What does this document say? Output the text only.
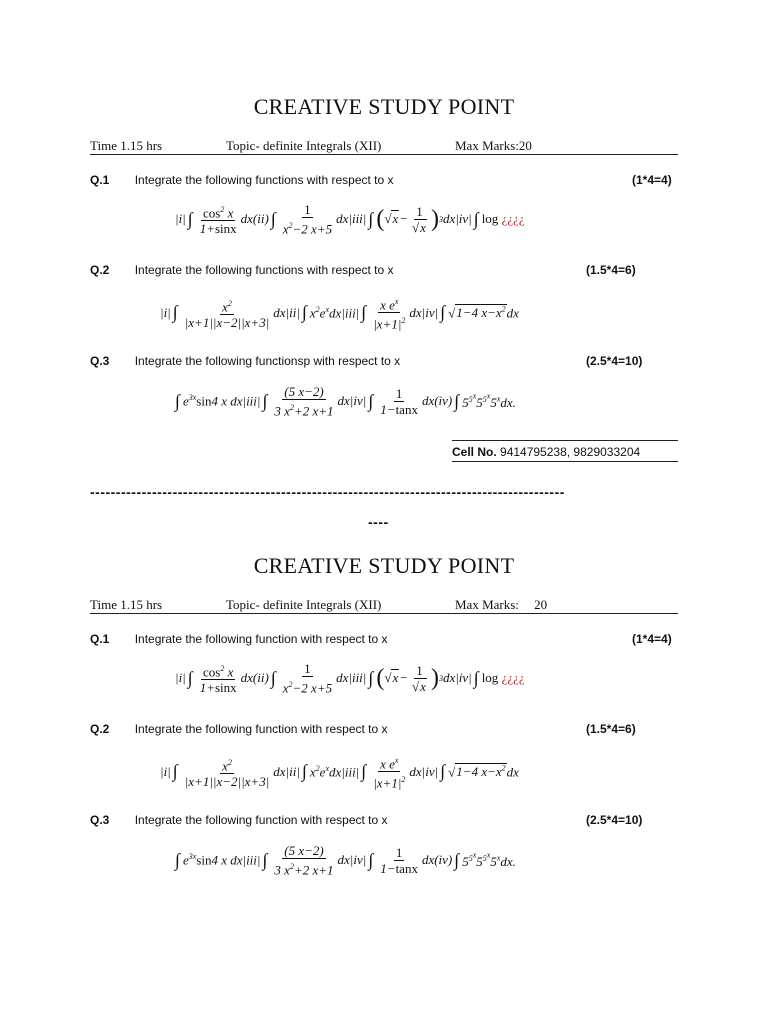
CREATIVE STUDY POINT
Time 1.15 hrs	Topic- definite Integrals (XII)	Max Marks:20
Q.1 Integrate the following functions with respect to x	(1*4=4)
|i| ∫ $\frac{\cos^2 x}{1+\sin x} dx(ii)$ ∫ $\frac{1}{x^2-2 x+5} dx|iii|$ ∫ ( $√x- \frac{1}{√x}$ ) 3 dx|iv| ∫ log
¿¿¿¿
Q.2 Integrate the following functions with respect to x	(1.5*4=6)
|i| ∫ $\frac{x^2}{|x+1||x-2||x+3|} dx|ii|$ ∫ $x^2e^xdx|iii|$ ∫ $\frac{x e^x}{|x+1|^2} dx|iv|$ ∫ √1−4 $x-x^2dx$
Q.3 Integrate the following functionsp with respect to x	(2.5*4=10)
∫ $e^{3x}\sin 4$ x dx|iii| ∫ $\frac{(5 x-2)}{3 x^2+2 x+1} dx|iv|$ ∫ $\frac{1}{1-\tan x} dx(iv)$ ∫ $5^{5^x}5^{5^x}5^xdx$.
Cell No. 9414795238, 9829033204
--------------------------------------------------------------------------------------------
----
CREATIVE STUDY POINT
Time 1.15 hrs	Topic- definite Integrals (XII)	Max Marks: 20
Q.1 Integrate the following function with respect to x	(1*4=4)
|i| ∫ $\frac{\cos^2 x}{1+\sin x} dx(ii)$ ∫ $\frac{1}{x^2-2 x+5} dx|iii|$ ∫ ( $√x- \frac{1}{√x}$ ) 3 dx|iv| ∫ log
¿¿¿¿
Q.2 Integrate the following function with respect to x	(1.5*4=6)
|i| ∫ $\frac{x^2}{|x+1||x-2||x+3|} dx|ii|$ ∫ $x^2e^xdx|iii|$ ∫ $\frac{x e^x}{|x+1|^2} dx|iv|$ ∫ √1−4 $x-x^2dx$
Q.3 Integrate the following function with respect to x	(2.5*4=10)
∫ $e^{3x}\sin 4$ x dx|iii| ∫ $\frac{(5 x-2)}{3 x^2+2 x+1} dx|iv|$ ∫ $\frac{1}{1-\tan x} dx(iv)$ ∫ $5^{5^x}5^{5^x}5^xdx$.
